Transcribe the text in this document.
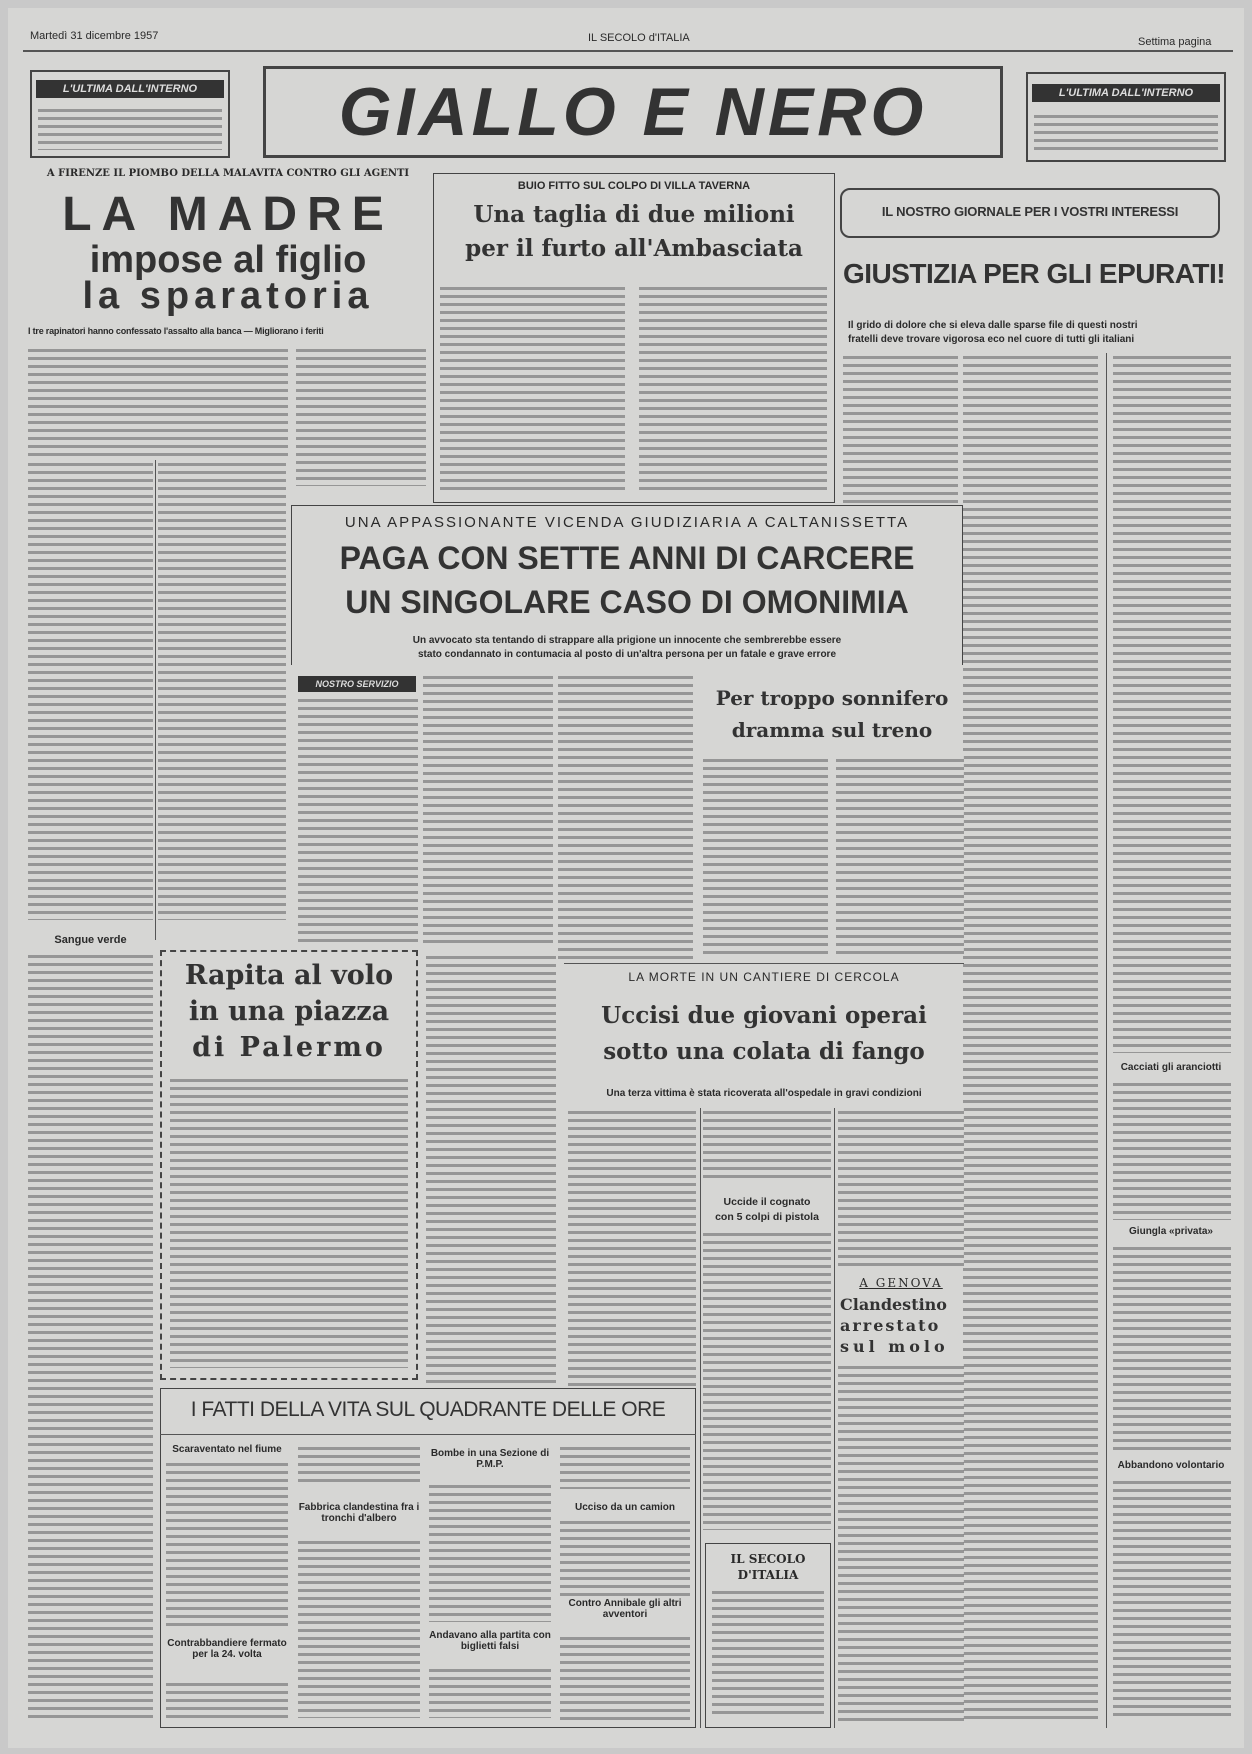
Martedì 31 dicembre 1957	IL SECOLO d'ITALIA	Settima pagina
L'ULTIMA DALL'INTERNO	GIALLO E NERO	L'ULTIMA DALL'INTERNO
A FIRENZE IL PIOMBO DELLA MALAVITA CONTRO GLI AGENTI
LA MADRE
impose al figlio
la sparatoria
I tre rapinatori hanno confessato l'assalto alla banca — Migliorano i feriti
BUIO FITTO SUL COLPO DI VILLA TAVERNA
Una taglia di due milioni
per il furto all'Ambasciata
IL NOSTRO GIORNALE PER I VOSTRI INTERESSI
GIUSTIZIA PER GLI EPURATI!
Il grido di dolore che si eleva dalle sparse file di questi nostri
fratelli deve trovare vigorosa eco nel cuore di tutti gli italiani
Cacciati gli aranciotti
Giungla «privata»
Abbandono volontario
UNA APPASSIONANTE VICENDA GIUDIZIARIA A CALTANISSETTA
PAGA CON SETTE ANNI DI CARCERE
UN SINGOLARE CASO DI OMONIMIA
Un avvocato sta tentando di strappare alla prigione un innocente che sembrerebbe essere
stato condannato in contumacia al posto di un'altra persona per un fatale e grave errore
NOSTRO SERVIZIO
Per troppo sonnifero
dramma sul treno
Sangue verde
Rapita al volo
in una piazza
di Palermo
LA MORTE IN UN CANTIERE DI CERCOLA
Uccisi due giovani operai
sotto una colata di fango
Una terza vittima è stata ricoverata all'ospedale in gravi condizioni
Uccide il cognato
con 5 colpi di pistola
IL SECOLO
D'ITALIA
A GENOVA
Clandestino
arrestato
sul molo
I FATTI DELLA VITA SUL QUADRANTE DELLE ORE
Scaraventato nel fiume
Contrabbandiere fermato per la 24. volta
Fabbrica clandestina fra i tronchi d'albero
Bombe in una Sezione di P.M.P.
Andavano alla partita con biglietti falsi
Ucciso da un camion
Contro Annibale gli altri avventori
